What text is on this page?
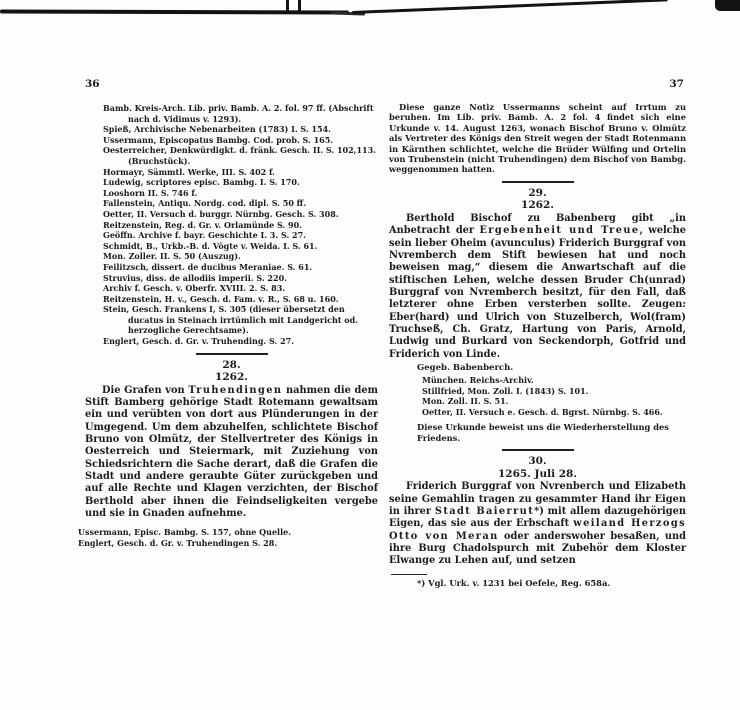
36
Bamb. Kreis-Arch. Lib. priv. Bamb. A. 2. fol. 97 ff. (Abschrift nach d. Vidimus v. 1293).
Spieß, Archivische Nebenarbeiten (1783) I. S. 154.
Ussermann, Episcopatus Bambg. Cod. prob. S. 165.
Oesterreicher, Denkwürdigkt. d. fränk. Gesch. II. S. 102,113. (Bruchstück).
Hormayr, Sämmtl. Werke, III. S. 402 f.
Ludewig, scriptores episc. Bambg. I. S. 170.
Looshorn II. S. 746 f.
Fallenstein, Antiqu. Nordg. cod. dipl. S. 50 ff.
Oetter, II. Versuch d. burggr. Nürnbg. Gesch. S. 308.
Reitzenstein, Reg. d. Gr. v. Orlamünde S. 90.
Geöffn. Archive f. bayr. Geschichte I. 3. S. 27.
Schmidt, B., Urkb.-B. d. Vögte v. Weida. I. S. 61.
Mon. Zoller. II. S. 50 (Auszug).
Feilitzsch, dissert. de ducibus Meraniae. S. 61.
Struvius, diss. de allodiis imperii. S. 220.
Archiv f. Gesch. v. Oberfr. XVIII. 2. S. 83.
Reitzenstein, H. v., Gesch. d. Fam. v. R., S. 68 u. 160.
Stein, Gesch. Frankens I, S. 305 (dieser übersetzt den ducatus in Steinach irrtümlich mit Landgericht od. herzogliche Gerechtsame).
Englert, Gesch. d. Gr. v. Truhending. S. 27.
28.
1262.
Die Grafen von Truhendingen nahmen die dem Stift Bamberg gehörige Stadt Rotemann gewaltsam ein und verübten von dort aus Plünderungen in der Umgegend. Um dem abzuhelfen, schlichtete Bischof Bruno von Olmütz, der Stellvertreter des Königs in Oesterreich und Steiermark, mit Zuziehung von Schiedsrichtern die Sache derart, daß die Grafen die Stadt und andere geraubte Güter zurückgeben und auf alle Rechte und Klagen verzichten, der Bischof Berthold aber ihnen die Feindseligkeiten vergebe und sie in Gnaden aufnehme.
Ussermann, Episc. Bambg. S. 157, ohne Quelle.
Englert, Gesch. d. Gr. v. Truhendingen S. 28.
37
Diese ganze Notiz Ussermanns scheint auf Irrtum zu beruhen. Im Lib. priv. Bamb. A. 2 fol. 4 findet sich eine Urkunde v. 14. August 1263, wonach Bischof Bruno v. Olmütz als Vertreter des Königs den Streit wegen der Stadt Rotenmann in Kärnthen schlichtet, welche die Brüder Wülfing und Ortelin von Trubenstein (nicht Truhendingen) dem Bischof von Bambg. weggenommen hatten.
29.
1262.
Berthold Bischof zu Babenberg gibt „in Anbetracht der Ergebenheit und Treue, welche sein lieber Oheim (avunculus) Friderich Burggraf von Nvremberch dem Stift bewiesen hat und noch beweisen mag,“ diesem die Anwartschaft auf die stiftischen Lehen, welche dessen Bruder Ch(unrad) Burggraf von Nvremberch besitzt, für den Fall, daß letzterer ohne Erben versterben sollte. Zeugen: Eber(hard) und Ulrich von Stuzelberch, Wol(fram) Truchseß, Ch. Gratz, Hartung von Paris, Arnold, Ludwig und Burkard von Seckendorph, Gotfrid und Friderich von Linde.
Gegeb. Babenberch.
München. Reichs-Archiv.
Stillfried, Mon. Zoll. I. (1843) S. 101.
Mon. Zoll. II. S. 51.
Oetter, II. Versuch e. Gesch. d. Bgrst. Nürnbg. S. 466.
Diese Urkunde beweist uns die Wiederherstellung des Friedens.
30.
1265. Juli 28.
Friderich Burggraf von Nvrenberch und Elizabeth seine Gemahlin tragen zu gesammter Hand ihr Eigen in ihrer Stadt Baierrut*) mit allem dazugehörigen Eigen, das sie aus der Erbschaft weiland Herzogs Otto von Meran oder anderswoher besaßen, und ihre Burg Chadolspurch mit Zubehör dem Kloster Elwange zu Lehen auf, und setzen
*) Vgl. Urk. v. 1231 bei Oefele, Reg. 658a.
